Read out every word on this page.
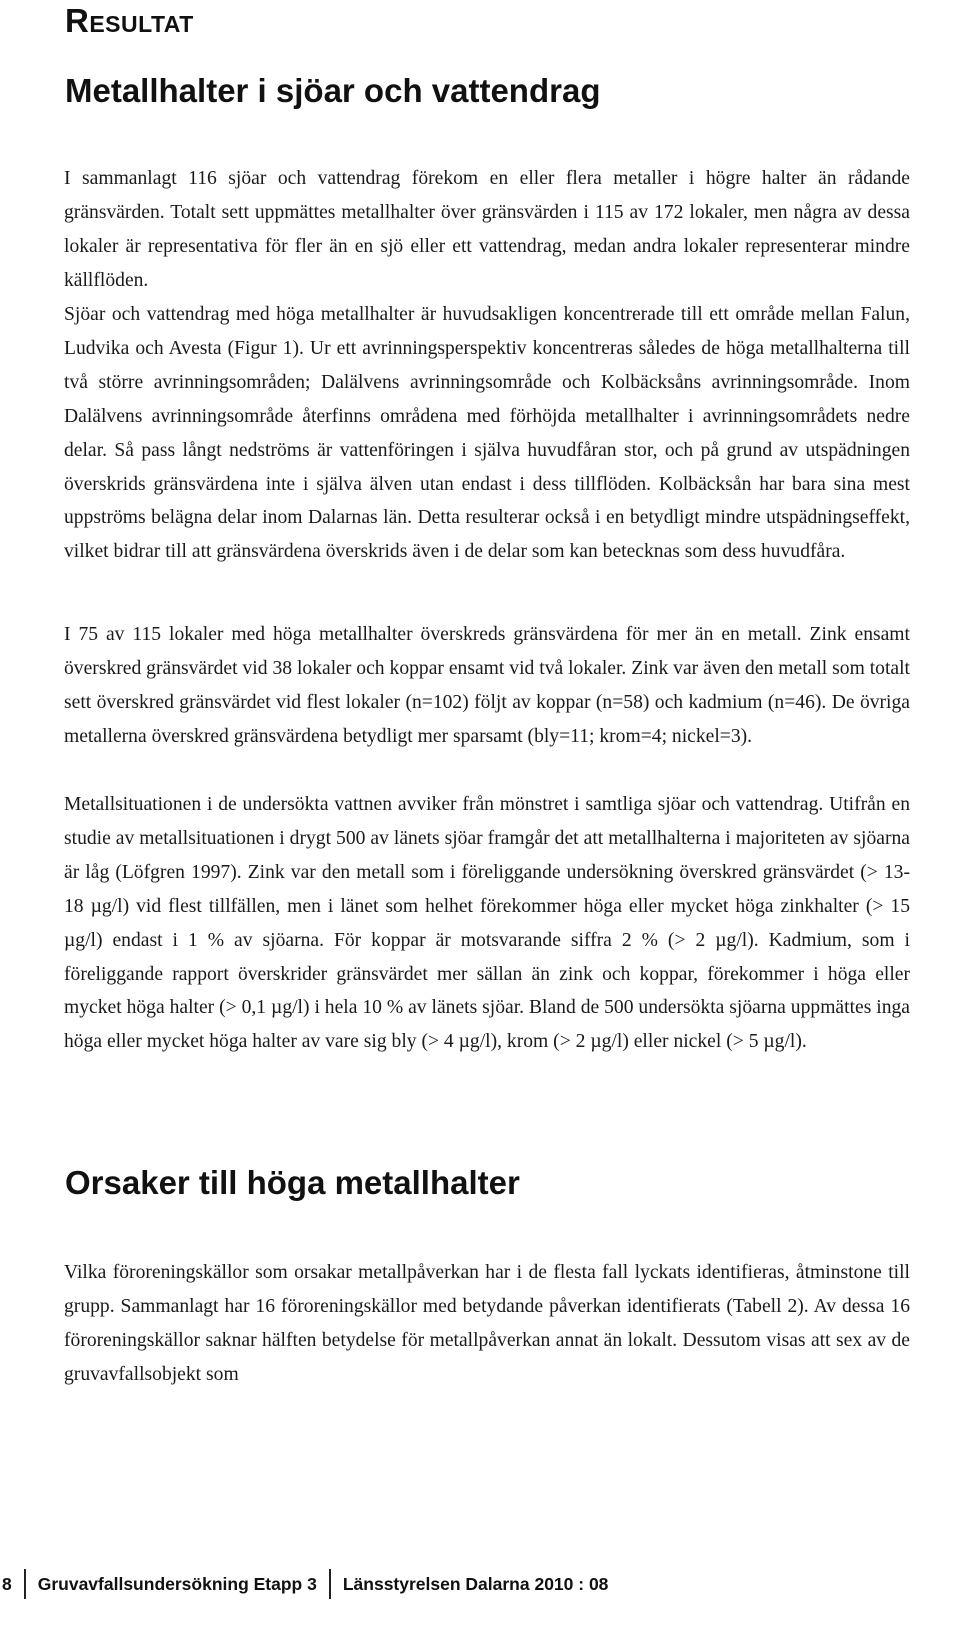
Resultat
Metallhalter i sjöar och vattendrag

I sammanlagt 116 sjöar och vattendrag förekom en eller flera metaller i högre halter än rådande gränsvärden. Totalt sett uppmättes metallhalter över gränsvärden i 115 av 172 lokaler, men några av dessa lokaler är representativa för fler än en sjö eller ett vattendrag, medan andra lokaler representerar mindre källflöden.

Sjöar och vattendrag med höga metallhalter är huvudsakligen koncentrerade till ett område mellan Falun, Ludvika och Avesta (Figur 1). Ur ett avrinningsperspektiv koncentreras således de höga metallhalterna till två större avrinningsområden; Dalälvens avrinningsområde och Kolbäcksåns avrinningsområde. Inom Dalälvens avrinningsområde återfinns områdena med förhöjda metallhalter i avrinningsområdets nedre delar. Så pass långt nedströms är vattenföringen i själva huvudfåran stor, och på grund av utspädningen överskrids gränsvärdena inte i själva älven utan endast i dess tillflöden. Kolbäcksån har bara sina mest uppströms belägna delar inom Dalarnas län. Detta resulterar också i en betydligt mindre utspädningseffekt, vilket bidrar till att gränsvärdena överskrids även i de delar som kan betecknas som dess huvudfåra.

I 75 av 115 lokaler med höga metallhalter överskreds gränsvärdena för mer än en metall. Zink ensamt överskred gränsvärdet vid 38 lokaler och koppar ensamt vid två lokaler. Zink var även den metall som totalt sett överskred gränsvärdet vid flest lokaler (n=102) följt av koppar (n=58) och kadmium (n=46). De övriga metallerna överskred gränsvärdena betydligt mer sparsamt (bly=11; krom=4; nickel=3).

Metallsituationen i de undersökta vattnen avviker från mönstret i samtliga sjöar och vattendrag. Utifrån en studie av metallsituationen i drygt 500 av länets sjöar framgår det att metallhalterna i majoriteten av sjöarna är låg (Löfgren 1997). Zink var den metall som i föreliggande undersökning överskred gränsvärdet (> 13-18 µg/l) vid flest tillfällen, men i länet som helhet förekommer höga eller mycket höga zinkhalter (> 15 µg/l) endast i 1 % av sjöarna. För koppar är motsvarande siffra 2 % (> 2 µg/l). Kadmium, som i föreliggande rapport överskrider gränsvärdet mer sällan än zink och koppar, förekommer i höga eller mycket höga halter (> 0,1 µg/l) i hela 10 % av länets sjöar. Bland de 500 undersökta sjöarna uppmättes inga höga eller mycket höga halter av vare sig bly (> 4 µg/l), krom (> 2 µg/l) eller nickel (> 5 µg/l).

Orsaker till höga metallhalter

Vilka föroreningskällor som orsakar metallpåverkan har i de flesta fall lyckats identifieras, åtminstone till grupp. Sammanlagt har 16 föroreningskällor med betydande påverkan identifierats (Tabell 2). Av dessa 16 föroreningskällor saknar hälften betydelse för metallpåverkan annat än lokalt. Dessutom visas att sex av de gruvavfallsobjekt som

8 Gruvavfallsundersökning Etapp 3 Länsstyrelsen Dalarna 2010 : 08
